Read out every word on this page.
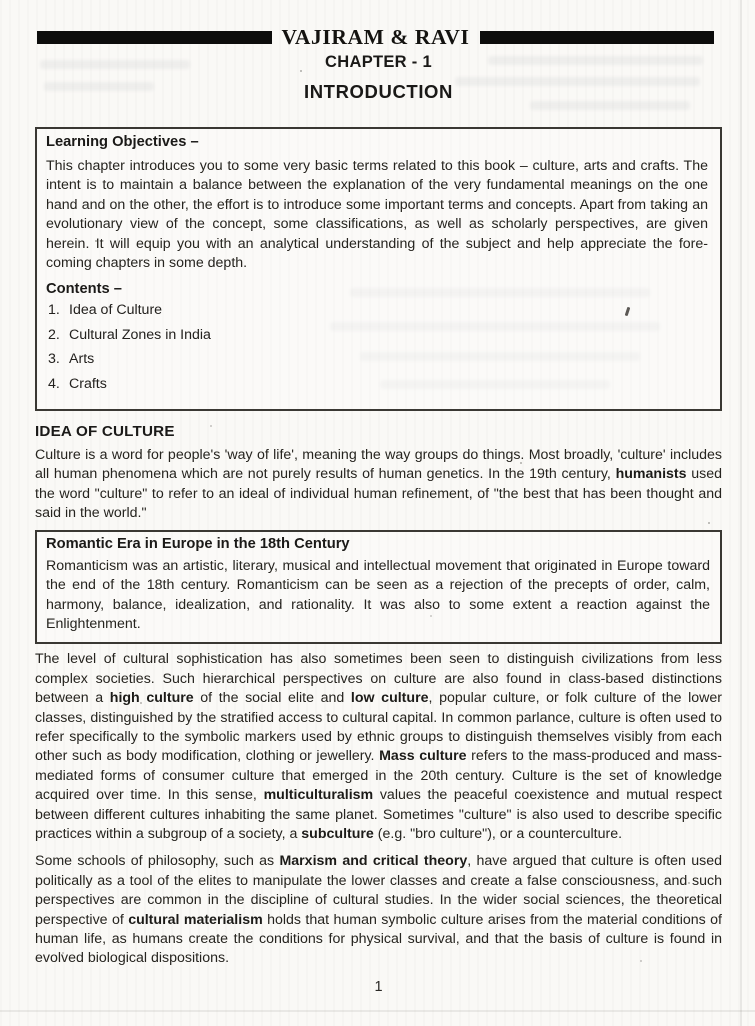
VAJIRAM & RAVI
CHAPTER - 1
INTRODUCTION
Learning Objectives –

This chapter introduces you to some very basic terms related to this book – culture, arts and crafts. The intent is to maintain a balance between the explanation of the very fundamental meanings on the one hand and on the other, the effort is to introduce some important terms and concepts. Apart from taking an evolutionary view of the concept, some classifications, as well as scholarly perspectives, are given herein. It will equip you with an analytical understanding of the subject and help appreciate the fore-coming chapters in some depth.

Contents –
1. Idea of Culture
2. Cultural Zones in India
3. Arts
4. Crafts
IDEA OF CULTURE

Culture is a word for people's 'way of life', meaning the way groups do things. Most broadly, 'culture' includes all human phenomena which are not purely results of human genetics. In the 19th century, humanists used the word "culture" to refer to an ideal of individual human refinement, of "the best that has been thought and said in the world."

Romantic Era in Europe in the 18th Century

Romanticism was an artistic, literary, musical and intellectual movement that originated in Europe toward the end of the 18th century. Romanticism can be seen as a rejection of the precepts of order, calm, harmony, balance, idealization, and rationality. It was also to some extent a reaction against the Enlightenment.

The level of cultural sophistication has also sometimes been seen to distinguish civilizations from less complex societies. Such hierarchical perspectives on culture are also found in class-based distinctions between a high culture of the social elite and low culture, popular culture, or folk culture of the lower classes, distinguished by the stratified access to cultural capital. In common parlance, culture is often used to refer specifically to the symbolic markers used by ethnic groups to distinguish themselves visibly from each other such as body modification, clothing or jewellery. Mass culture refers to the mass-produced and mass-mediated forms of consumer culture that emerged in the 20th century. Culture is the set of knowledge acquired over time. In this sense, multiculturalism values the peaceful coexistence and mutual respect between different cultures inhabiting the same planet. Sometimes "culture" is also used to describe specific practices within a subgroup of a society, a subculture (e.g. "bro culture"), or a counterculture.

Some schools of philosophy, such as Marxism and critical theory, have argued that culture is often used politically as a tool of the elites to manipulate the lower classes and create a false consciousness, and such perspectives are common in the discipline of cultural studies. In the wider social sciences, the theoretical perspective of cultural materialism holds that human symbolic culture arises from the material conditions of human life, as humans create the conditions for physical survival, and that the basis of culture is found in evolved biological dispositions.

1
